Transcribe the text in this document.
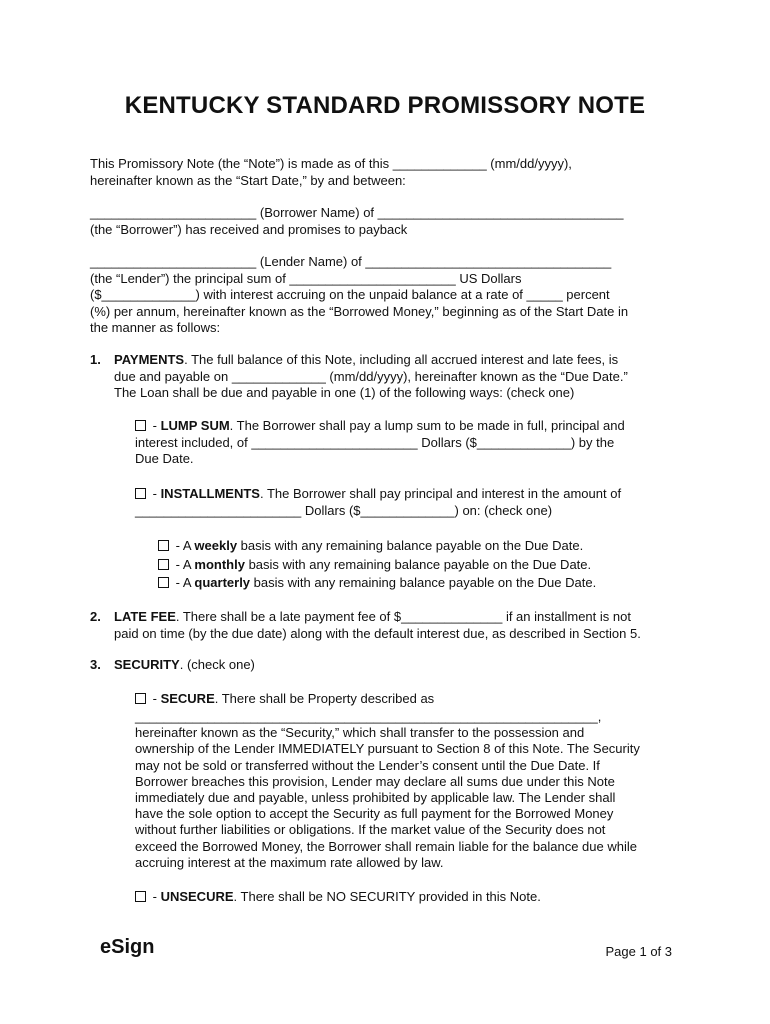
KENTUCKY STANDARD PROMISSORY NOTE
This Promissory Note (the “Note”) is made as of this _____________ (mm/dd/yyyy),
hereinafter known as the “Start Date,” by and between:
_______________________ (Borrower Name) of __________________________________
(the “Borrower”) has received and promises to payback
_______________________ (Lender Name) of __________________________________
(the “Lender”) the principal sum of _______________________ US Dollars
($_____________) with interest accruing on the unpaid balance at a rate of _____ percent
(%) per annum, hereinafter known as the “Borrowed Money,” beginning as of the Start Date in
the manner as follows:
1. PAYMENTS. The full balance of this Note, including all accrued interest and late fees, is
due and payable on _____________ (mm/dd/yyyy), hereinafter known as the “Due Date.”
The Loan shall be due and payable in one (1) of the following ways: (check one)
- LUMP SUM. The Borrower shall pay a lump sum to be made in full, principal and
interest included, of _______________________ Dollars ($_____________) by the
Due Date.
- INSTALLMENTS. The Borrower shall pay principal and interest in the amount of
_______________________ Dollars ($_____________) on: (check one)
- A weekly basis with any remaining balance payable on the Due Date.
- A monthly basis with any remaining balance payable on the Due Date.
- A quarterly basis with any remaining balance payable on the Due Date.
2. LATE FEE. There shall be a late payment fee of $______________ if an installment is not
paid on time (by the due date) along with the default interest due, as described in Section 5.
3. SECURITY. (check one)
- SECURE. There shall be Property described as
________________________________________________________________,
hereinafter known as the “Security,” which shall transfer to the possession and
ownership of the Lender IMMEDIATELY pursuant to Section 8 of this Note. The Security
may not be sold or transferred without the Lender’s consent until the Due Date. If
Borrower breaches this provision, Lender may declare all sums due under this Note
immediately due and payable, unless prohibited by applicable law. The Lender shall
have the sole option to accept the Security as full payment for the Borrowed Money
without further liabilities or obligations. If the market value of the Security does not
exceed the Borrowed Money, the Borrower shall remain liable for the balance due while
accruing interest at the maximum rate allowed by law.
- UNSECURE. There shall be NO SECURITY provided in this Note.
eSign	Page 1 of 3
